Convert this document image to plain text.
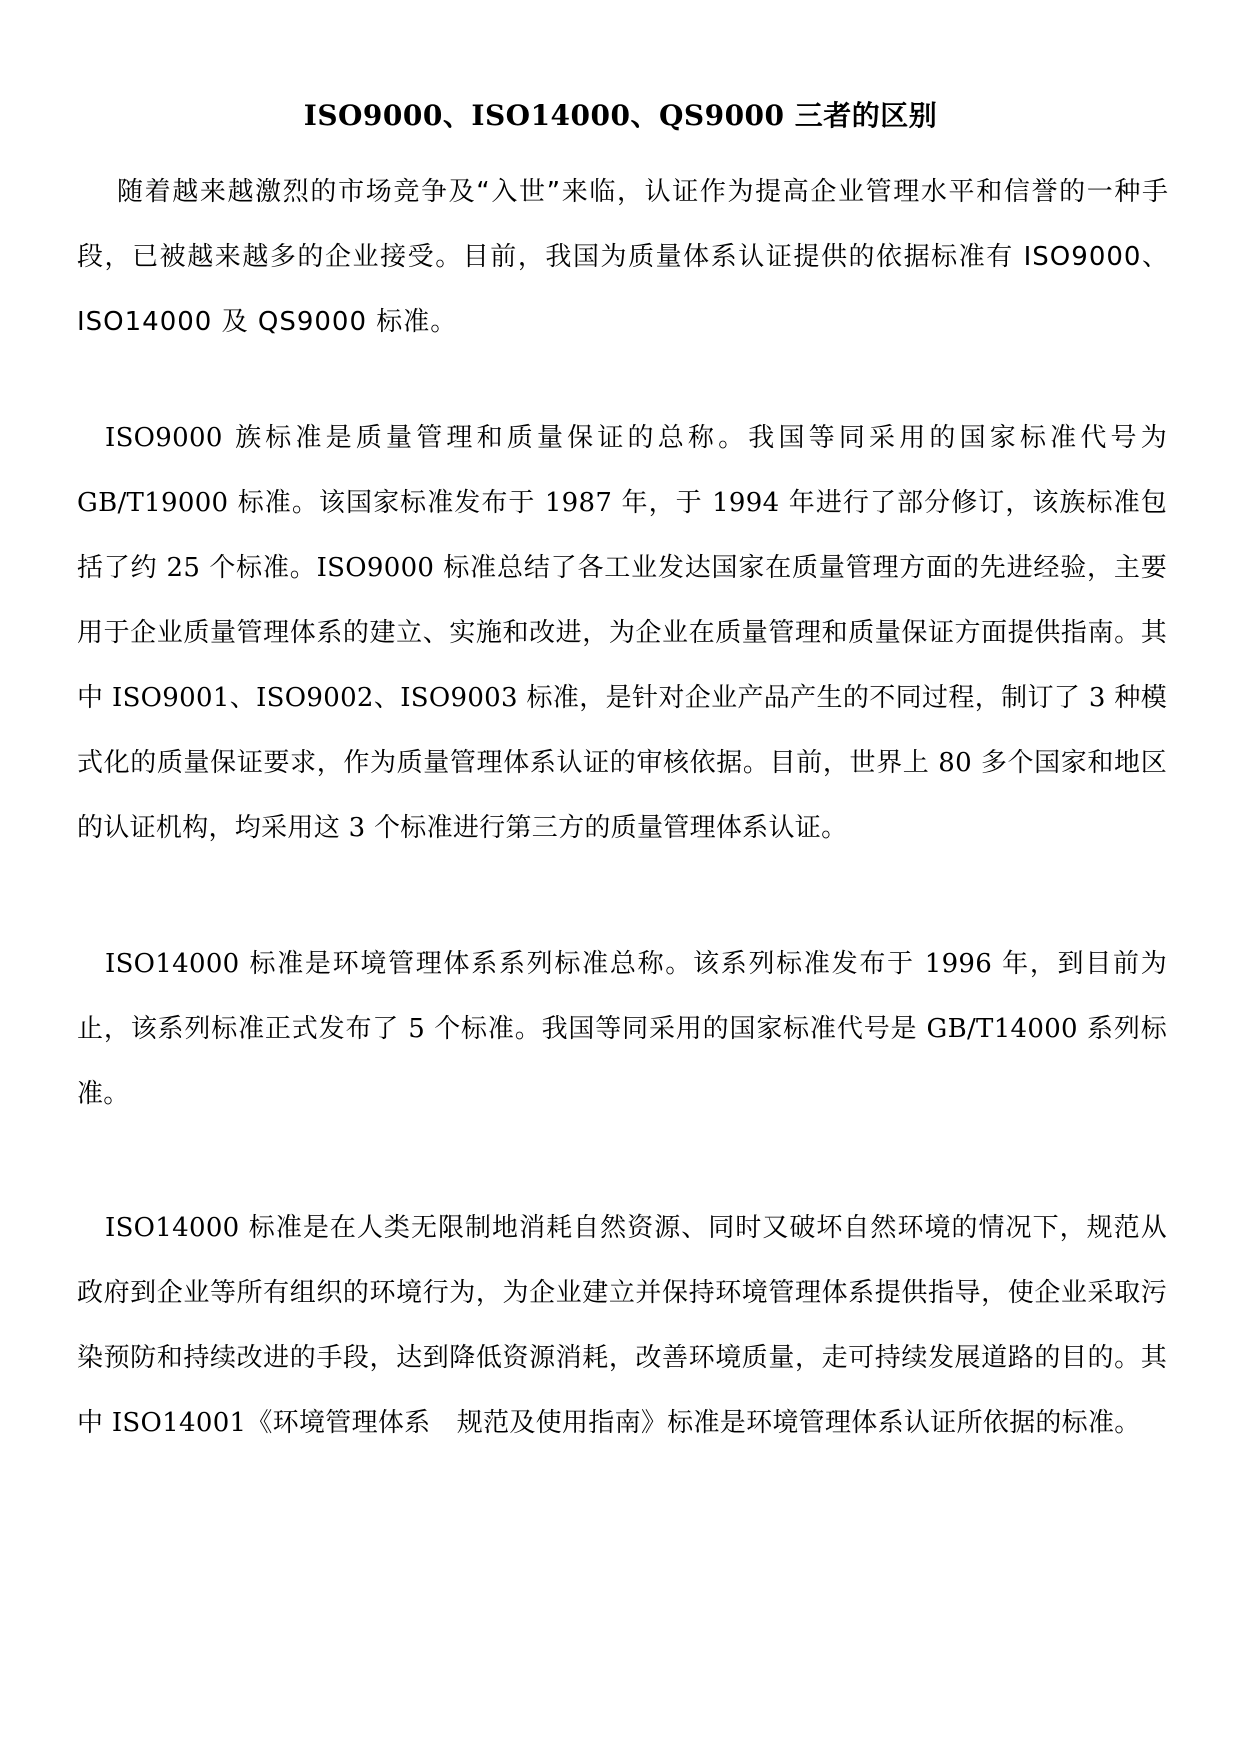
ISO9000、ISO14000、QS9000 三者的区别

随着越来越激烈的市场竞争及“入世”来临，认证作为提高企业管理水平和信誉的一种手段，已被越来越多的企业接受。目前，我国为质量体系认证提供的依据标准有 ISO9000、ISO14000 及 QS9000 标准。

ISO9000 族标准是质量管理和质量保证的总称。我国等同采用的国家标准代号为 GB/T19000 标准。该国家标准发布于 1987 年，于 1994 年进行了部分修订，该族标准包括了约 25 个标准。ISO9000 标准总结了各工业发达国家在质量管理方面的先进经验，主要用于企业质量管理体系的建立、实施和改进，为企业在质量管理和质量保证方面提供指南。其中 ISO9001、ISO9002、ISO9003 标准，是针对企业产品产生的不同过程，制订了 3 种模式化的质量保证要求，作为质量管理体系认证的审核依据。目前，世界上 80 多个国家和地区的认证机构，均采用这 3 个标准进行第三方的质量管理体系认证。

ISO14000 标准是环境管理体系系列标准总称。该系列标准发布于 1996 年，到目前为止，该系列标准正式发布了 5 个标准。我国等同采用的国家标准代号是 GB/T14000 系列标准。

ISO14000 标准是在人类无限制地消耗自然资源、同时又破坏自然环境的情况下，规范从政府到企业等所有组织的环境行为，为企业建立并保持环境管理体系提供指导，使企业采取污染预防和持续改进的手段，达到降低资源消耗，改善环境质量，走可持续发展道路的目的。其中 ISO14001《环境管理体系　规范及使用指南》标准是环境管理体系认证所依据的标准。
